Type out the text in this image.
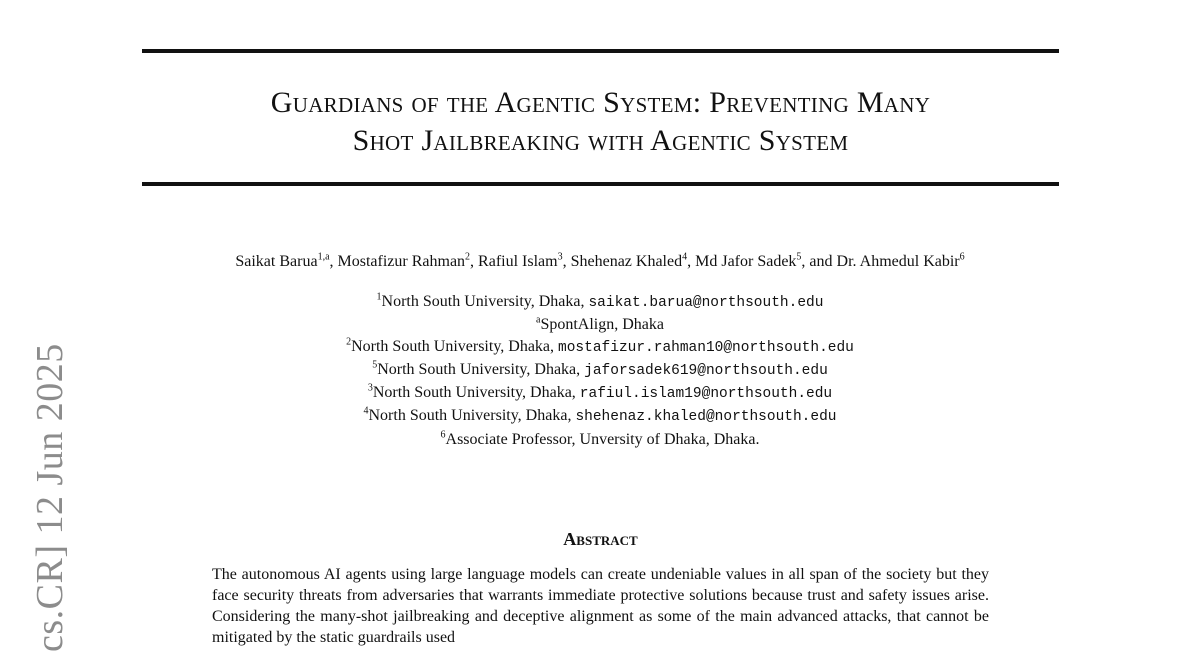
Guardians of the Agentic System: Preventing Many
Shot Jailbreaking with Agentic System
Saikat Barua$^{1,a}$, Mostafizur Rahman$^2$, Rafiul Islam$^3$, Shehenaz Khaled$^4$, Md Jafor Sadek$^5$, and Dr. Ahmedul Kabir$^6$
$^1$North South University, Dhaka, saikat.barua@northsouth.edu
$^a$SpontAlign, Dhaka
$^2$North South University, Dhaka, mostafizur.rahman10@northsouth.edu
$^5$North South University, Dhaka, jaforsadek619@northsouth.edu
$^3$North South University, Dhaka, rafiul.islam19@northsouth.edu
$^4$North South University, Dhaka, shehenaz.khaled@northsouth.edu
$^6$Associate Professor, Unversity of Dhaka, Dhaka.
Abstract

The autonomous AI agents using large language models can create undeniable values in all span of the society but they face security threats from adversaries that warrants immediate protective solutions because trust and safety issues arise. Considering the many-shot jailbreaking and deceptive alignment as some of the main advanced attacks, that cannot be mitigated by the static guardrails used

cs.CR] 12 Jun 2025
